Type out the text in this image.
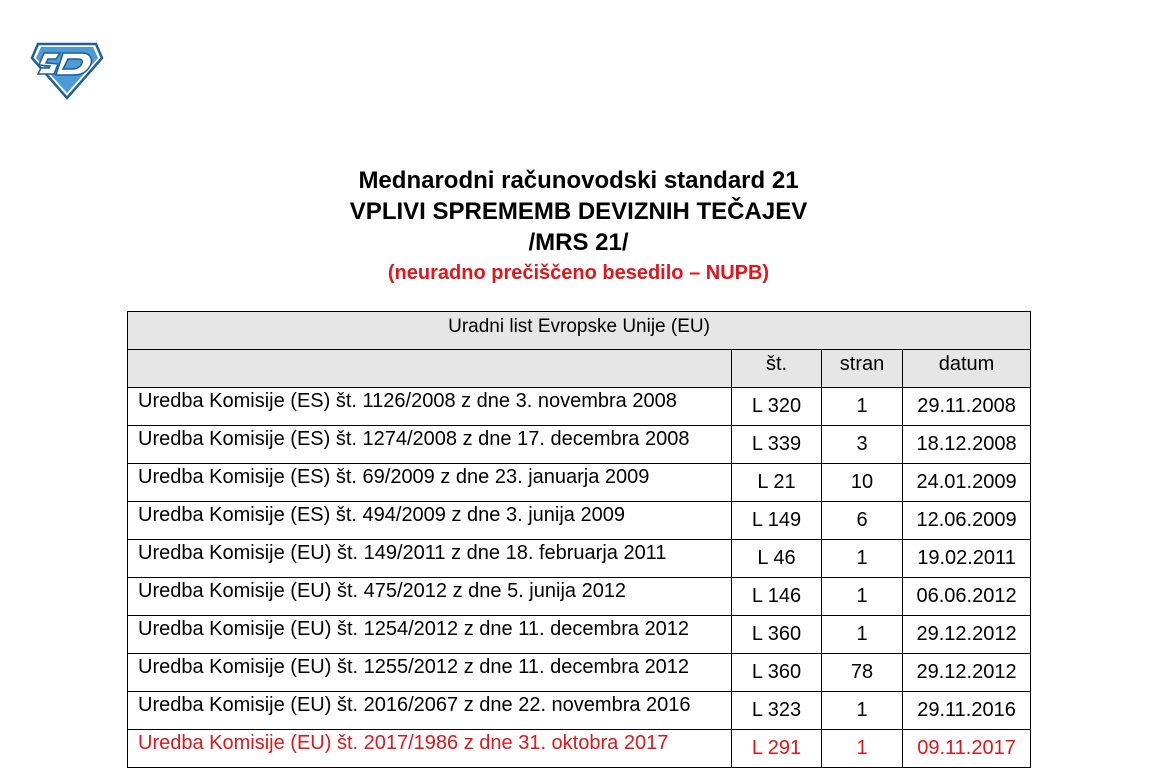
Mednarodni računovodski standard 21

VPLIVI SPREMEMB DEVIZNIH TEČAJEV

/MRS 21/

(neuradno prečiščeno besedilo – NUPB)

Uradni list Evropske Unije (EU)			
	št.	stran	datum
Uredba Komisije (ES) št. 1126/2008 z dne 3. novembra 2008	L 320	1	29.11.2008
Uredba Komisije (ES) št. 1274/2008 z dne 17. decembra 2008	L 339	3	18.12.2008
Uredba Komisije (ES) št. 69/2009 z dne 23. januarja 2009	L 21	10	24.01.2009
Uredba Komisije (ES) št. 494/2009 z dne 3. junija 2009	L 149	6	12.06.2009
Uredba Komisije (EU) št. 149/2011 z dne 18. februarja 2011	L 46	1	19.02.2011
Uredba Komisije (EU) št. 475/2012 z dne 5. junija 2012	L 146	1	06.06.2012
Uredba Komisije (EU) št. 1254/2012 z dne 11. decembra 2012	L 360	1	29.12.2012
Uredba Komisije (EU) št. 1255/2012 z dne 11. decembra 2012	L 360	78	29.12.2012
Uredba Komisije (EU) št. 2016/2067 z dne 22. novembra 2016	L 323	1	29.11.2016
Uredba Komisije (EU) št. 2017/1986 z dne 31. oktobra 2017	L 291	1	09.11.2017
